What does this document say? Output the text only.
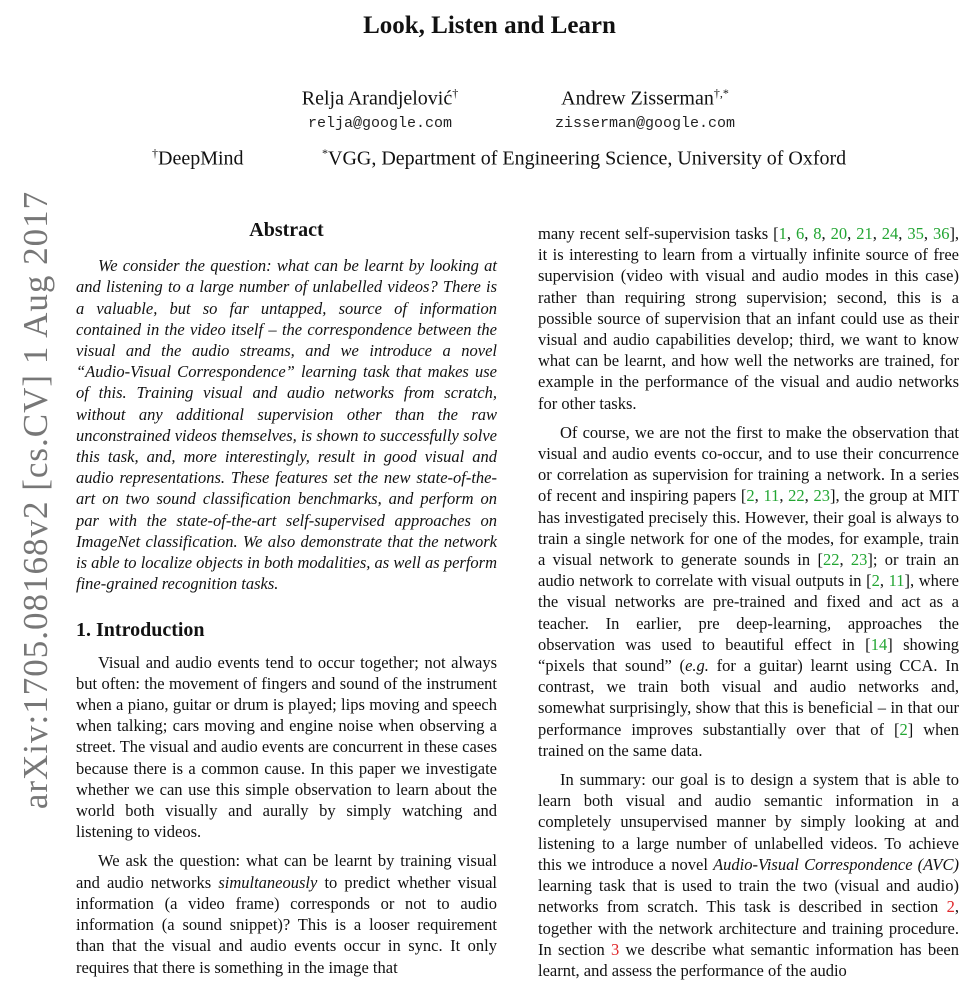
Look, Listen and Learn
Relja Arandjelović†
relja@google.com
Andrew Zisserman†,*
zisserman@google.com
†DeepMind	*VGG, Department of Engineering Science, University of Oxford
arXiv:1705.08168v2 [cs.CV] 1 Aug 2017	Abstract

We consider the question: what can be learnt by looking at and listening to a large number of unlabelled videos? There is a valuable, but so far untapped, source of information contained in the video itself – the correspondence between the visual and the audio streams, and we introduce a novel “Audio-Visual Correspondence” learning task that makes use of this. Training visual and audio networks from scratch, without any additional supervision other than the raw unconstrained videos themselves, is shown to successfully solve this task, and, more interestingly, result in good visual and audio representations. These features set the new state-of-the-art on two sound classification benchmarks, and perform on par with the state-of-the-art self-supervised approaches on ImageNet classification. We also demonstrate that the network is able to localize objects in both modalities, as well as perform fine-grained recognition tasks.

1. Introduction

Visual and audio events tend to occur together; not always but often: the movement of fingers and sound of the instrument when a piano, guitar or drum is played; lips moving and speech when talking; cars moving and engine noise when observing a street. The visual and audio events are concurrent in these cases because there is a common cause. In this paper we investigate whether we can use this simple observation to learn about the world both visually and aurally by simply watching and listening to videos.

We ask the question: what can be learnt by training visual and audio networks simultaneously to predict whether visual information (a video frame) corresponds or not to audio information (a sound snippet)? This is a looser requirement than that the visual and audio events occur in sync. It only requires that there is something in the image that

many recent self-supervision tasks [1, 6, 8, 20, 21, 24, 35, 36], it is interesting to learn from a virtually infinite source of free supervision (video with visual and audio modes in this case) rather than requiring strong supervision; second, this is a possible source of supervision that an infant could use as their visual and audio capabilities develop; third, we want to know what can be learnt, and how well the networks are trained, for example in the performance of the visual and audio networks for other tasks.

Of course, we are not the first to make the observation that visual and audio events co-occur, and to use their concurrence or correlation as supervision for training a network. In a series of recent and inspiring papers [2, 11, 22, 23], the group at MIT has investigated precisely this. However, their goal is always to train a single network for one of the modes, for example, train a visual network to generate sounds in [22, 23]; or train an audio network to correlate with visual outputs in [2, 11], where the visual networks are pre-trained and fixed and act as a teacher. In earlier, pre deep-learning, approaches the observation was used to beautiful effect in [14] showing “pixels that sound” (e.g. for a guitar) learnt using CCA. In contrast, we train both visual and audio networks and, somewhat surprisingly, show that this is beneficial – in that our performance improves substantially over that of [2] when trained on the same data.

In summary: our goal is to design a system that is able to learn both visual and audio semantic information in a completely unsupervised manner by simply looking at and listening to a large number of unlabelled videos. To achieve this we introduce a novel Audio-Visual Correspondence (AVC) learning task that is used to train the two (visual and audio) networks from scratch. This task is described in section 2, together with the network architecture and training procedure. In section 3 we describe what semantic information has been learnt, and assess the performance of the audio
